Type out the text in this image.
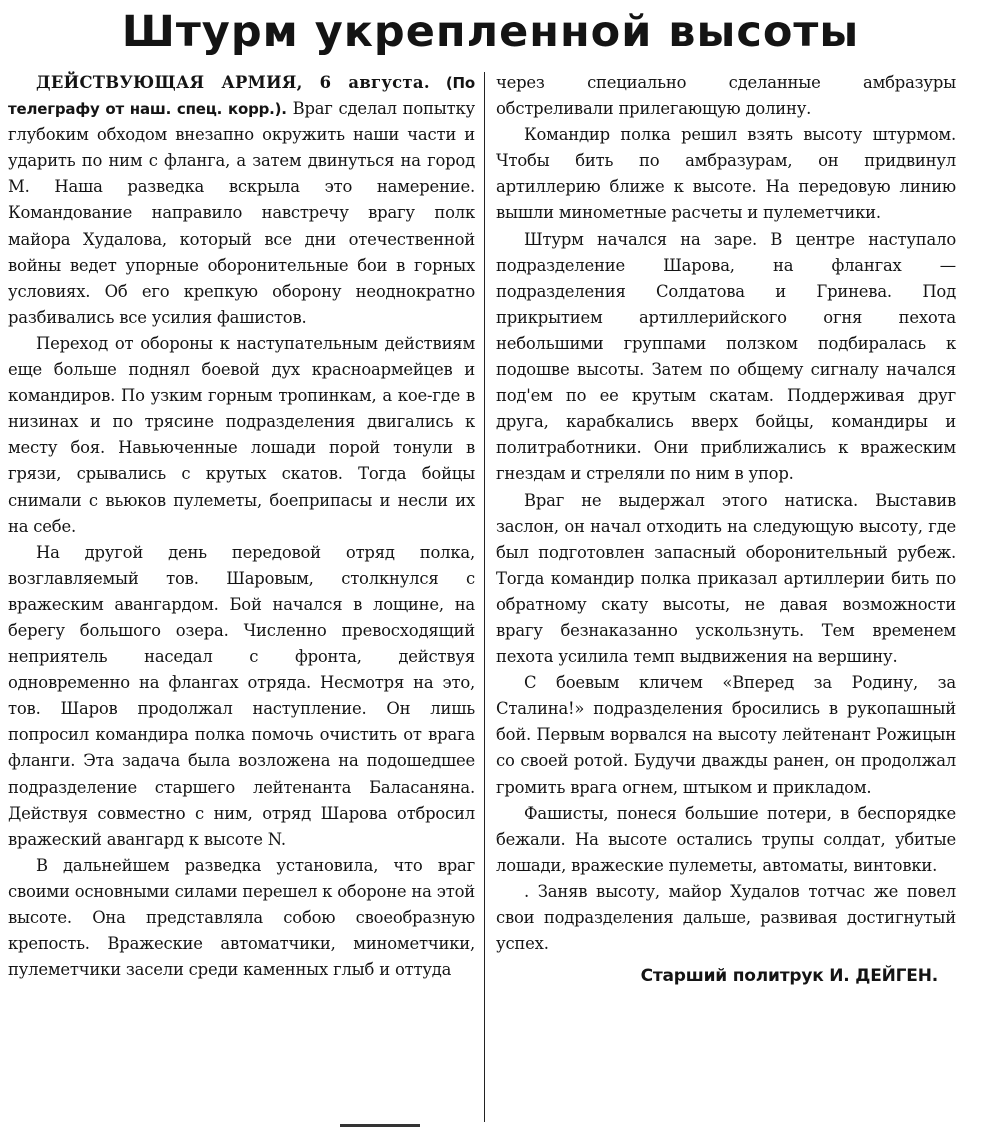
Штурм укрепленной высоты

ДЕЙСТВУЮЩАЯ АРМИЯ, 6 августа. (По телеграфу от наш. спец. корр.). Враг сделал попытку глубоким обходом внезапно окружить наши части и ударить по ним с фланга, а затем двинуться на город М. Наша разведка вскрыла это намерение. Командование направило навстречу врагу полк майора Худалова, который все дни отечественной войны ведет упорные оборонительные бои в горных условиях. Об его крепкую оборону неоднократно разбивались все усилия фашистов.

Переход от обороны к наступательным действиям еще больше поднял боевой дух красноармейцев и командиров. По узким горным тропинкам, а кое-где в низинах и по трясине подразделения двигались к месту боя. Навьюченные лошади порой тонули в грязи, срывались с крутых скатов. Тогда бойцы снимали с вьюков пулеметы, боеприпасы и несли их на себе.

На другой день передовой отряд полка, возглавляемый тов. Шаровым, столкнулся с вражеским авангардом. Бой начался в лощине, на берегу большого озера. Численно превосходящий неприятель наседал с фронта, действуя одновременно на флангах отряда. Несмотря на это, тов. Шаров продолжал наступление. Он лишь попросил командира полка помочь очистить от врага фланги. Эта задача была возложена на подошедшее подразделение старшего лейтенанта Баласаняна. Действуя совместно с ним, отряд Шарова отбросил вражеский авангард к высоте N.

В дальнейшем разведка установила, что враг своими основными силами перешел к обороне на этой высоте. Она представляла собою своеобразную крепость. Вражеские автоматчики, минометчики, пулеметчики засели среди каменных глыб и оттуда

через специально сделанные амбразуры обстреливали прилегающую долину.

Командир полка решил взять высоту штурмом. Чтобы бить по амбразурам, он придвинул артиллерию ближе к высоте. На передовую линию вышли минометные расчеты и пулеметчики.

Штурм начался на заре. В центре наступало подразделение Шарова, на флангах — подразделения Солдатова и Гринева. Под прикрытием артиллерийского огня пехота небольшими группами ползком подбиралась к подошве высоты. Затем по общему сигналу начался под'ем по ее крутым скатам. Поддерживая друг друга, карабкались вверх бойцы, командиры и политработники. Они приближались к вражеским гнездам и стреляли по ним в упор.

Враг не выдержал этого натиска. Выставив заслон, он начал отходить на следующую высоту, где был подготовлен запасный оборонительный рубеж. Тогда командир полка приказал артиллерии бить по обратному скату высоты, не давая возможности врагу безнаказанно ускользнуть. Тем временем пехота усилила темп выдвижения на вершину.

С боевым кличем «Вперед за Родину, за Сталина!» подразделения бросились в рукопашный бой. Первым ворвался на высоту лейтенант Рожицын со своей ротой. Будучи дважды ранен, он продолжал громить врага огнем, штыком и прикладом.

Фашисты, понеся большие потери, в беспорядке бежали. На высоте остались трупы солдат, убитые лошади, вражеские пулеметы, автоматы, винтовки.

. Заняв высоту, майор Худалов тотчас же повел свои подразделения дальше, развивая достигнутый успех.

Старший политрук И. ДЕЙГЕН.
